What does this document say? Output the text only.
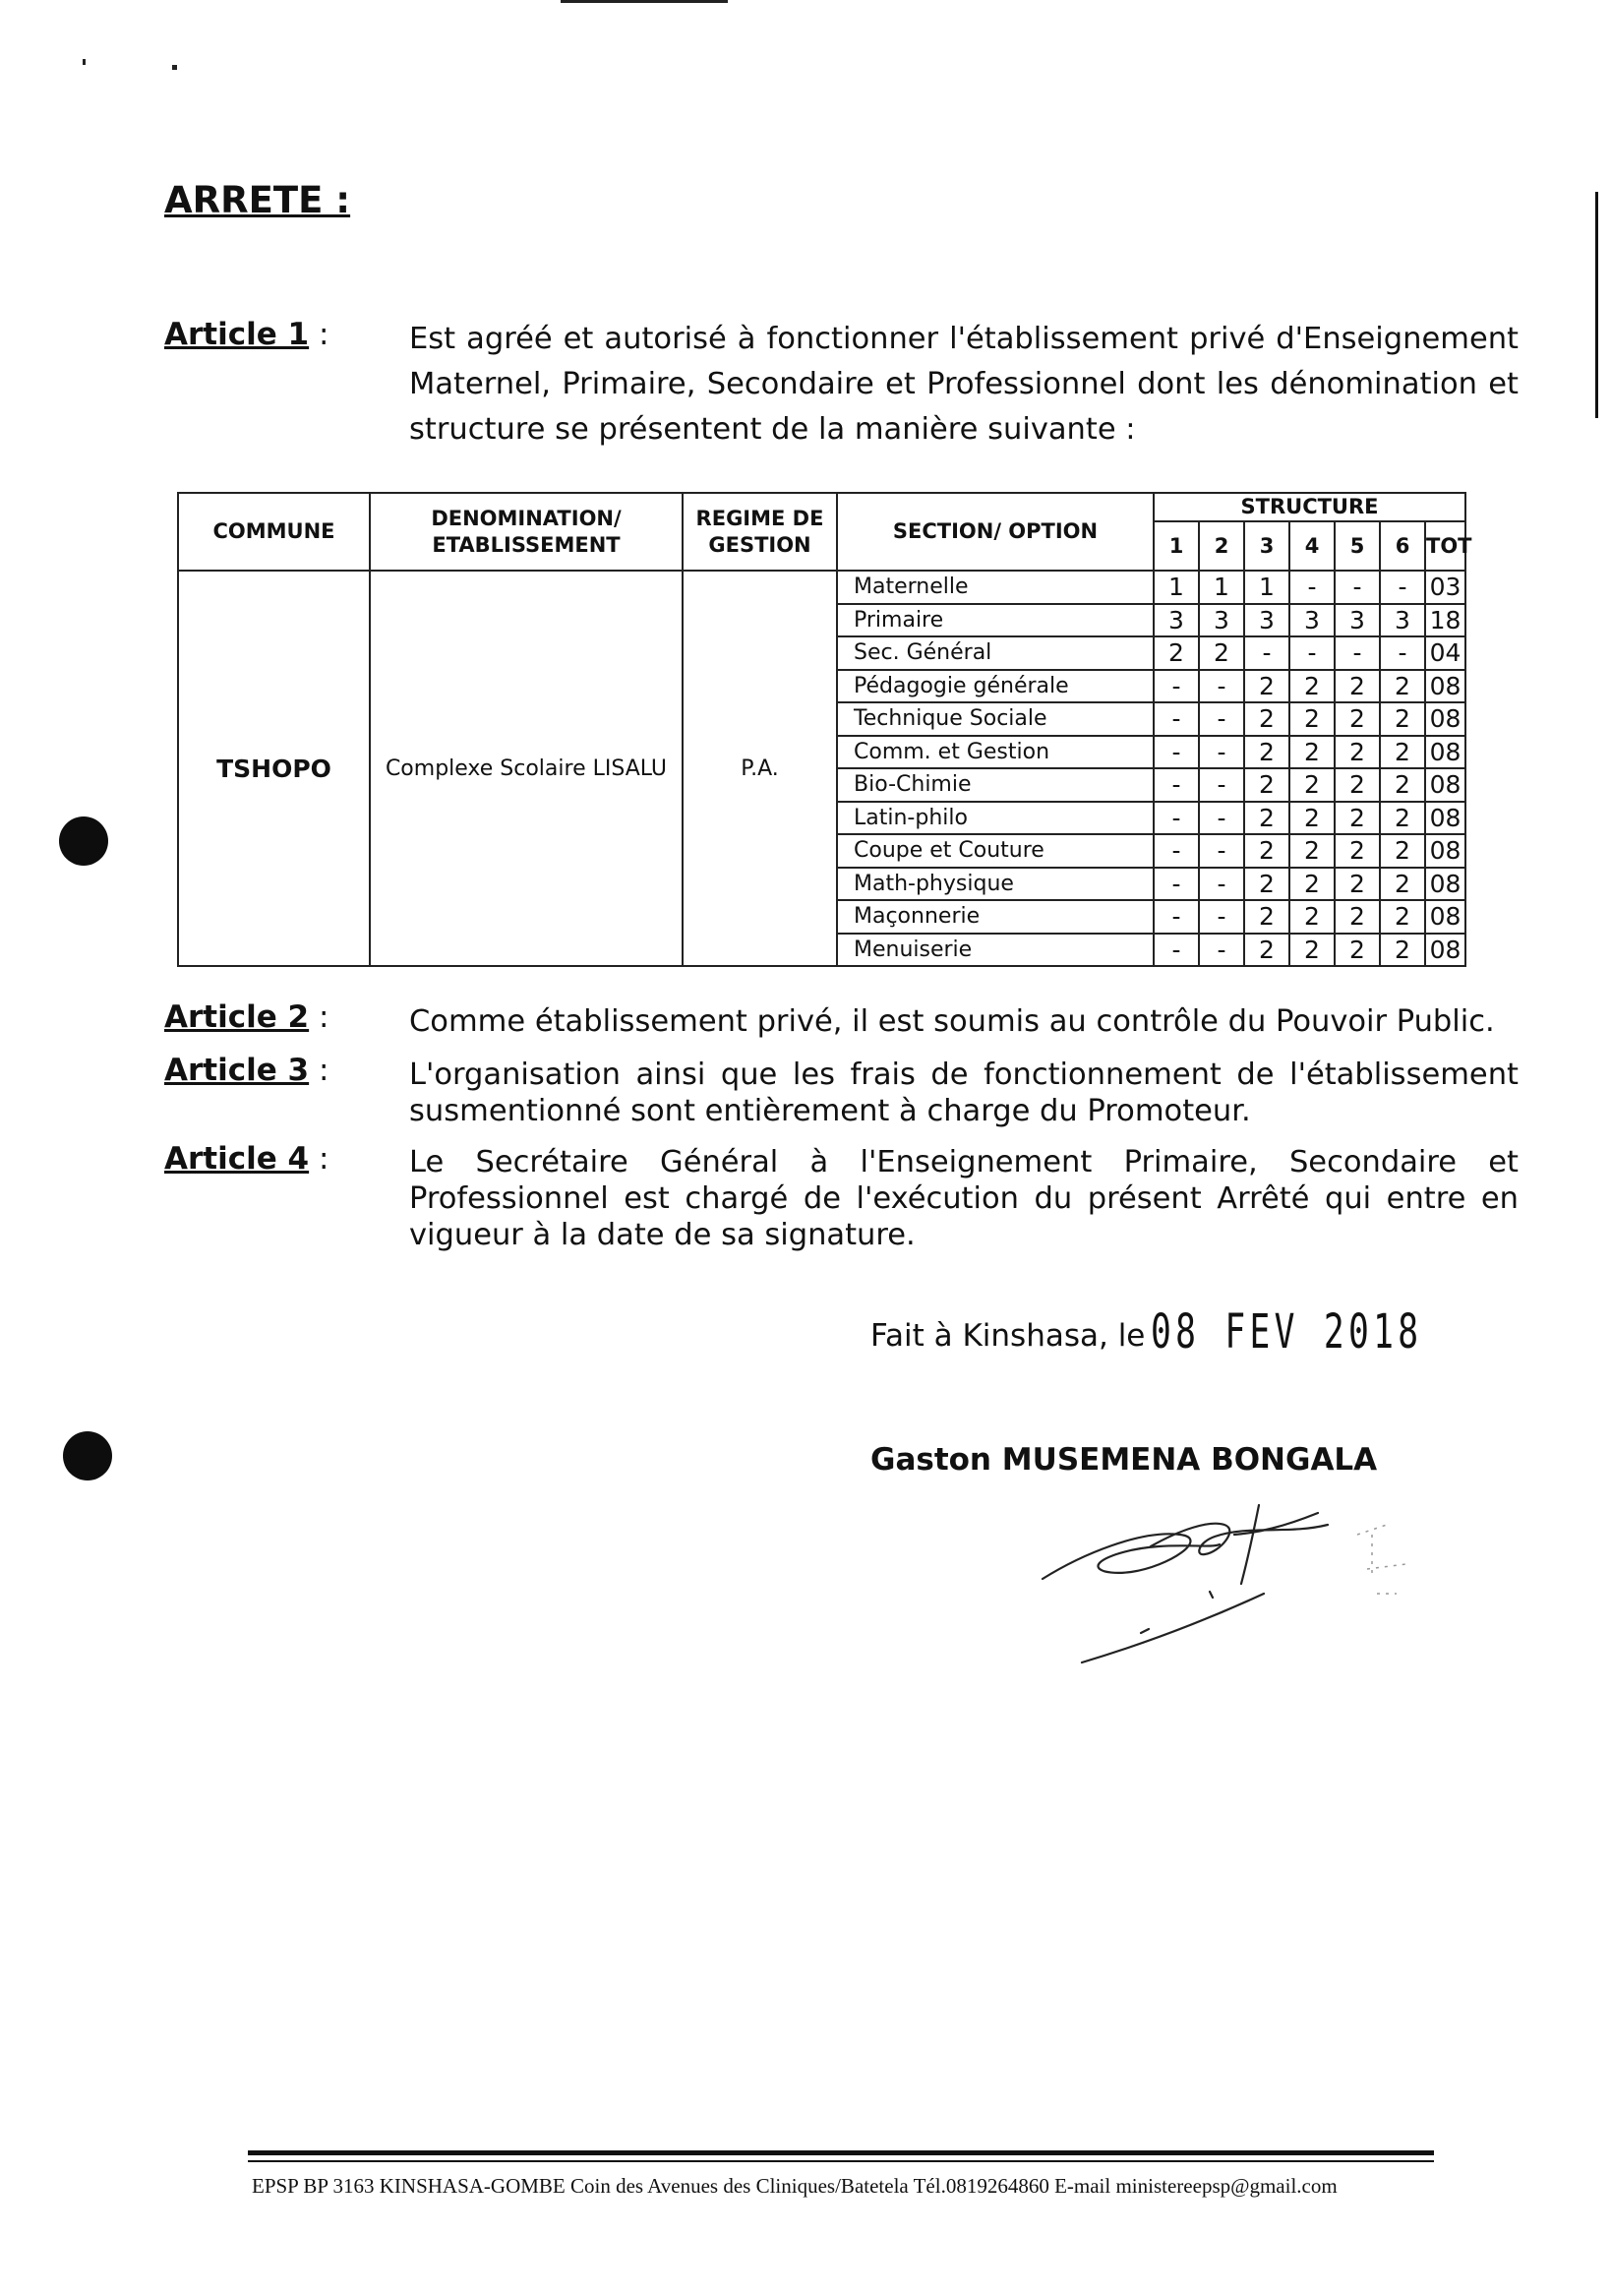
ARRETE :
Article 1 :	Est agréé et autorisé à fonctionner l'établissement privé d'Enseignement Maternel, Primaire, Secondaire et Professionnel dont les dénomination et structure se présentent de la manière suivante :
COMMUNE	DENOMINATION/ ETABLISSEMENT	REGIME DE GESTION	SECTION/ OPTION	STRUCTURE						
				1	2	3	4	5	6	TOT
TSHOPO	Complexe Scolaire LISALU	P.A.	Maternelle	1	1	1	-	-	-	03
			Primaire	3	3	3	3	3	3	18
			Sec. Général	2	2	-	-	-	-	04
			Pédagogie générale	-	-	2	2	2	2	08
			Technique Sociale	-	-	2	2	2	2	08
			Comm. et Gestion	-	-	2	2	2	2	08
			Bio-Chimie	-	-	2	2	2	2	08
			Latin-philo	-	-	2	2	2	2	08
			Coupe et Couture	-	-	2	2	2	2	08
			Math-physique	-	-	2	2	2	2	08
			Maçonnerie	-	-	2	2	2	2	08
			Menuiserie	-	-	2	2	2	2	08
Article 2 :	Comme établissement privé, il est soumis au contrôle du Pouvoir Public.
Article 3 :	L'organisation ainsi que les frais de fonctionnement de l'établissement susmentionné sont entièrement à charge du Promoteur.
Article 4 :	Le Secrétaire Général à l'Enseignement Primaire, Secondaire et Professionnel est chargé de l'exécution du présent Arrêté qui entre en vigueur à la date de sa signature.
Fait à Kinshasa, le 08 FEV 2018
Gaston MUSEMENA BONGALA
EPSP BP 3163 KINSHASA-GOMBE Coin des Avenues des Cliniques/Batetela Tél.0819264860 E-mail ministereepsp@gmail.com
